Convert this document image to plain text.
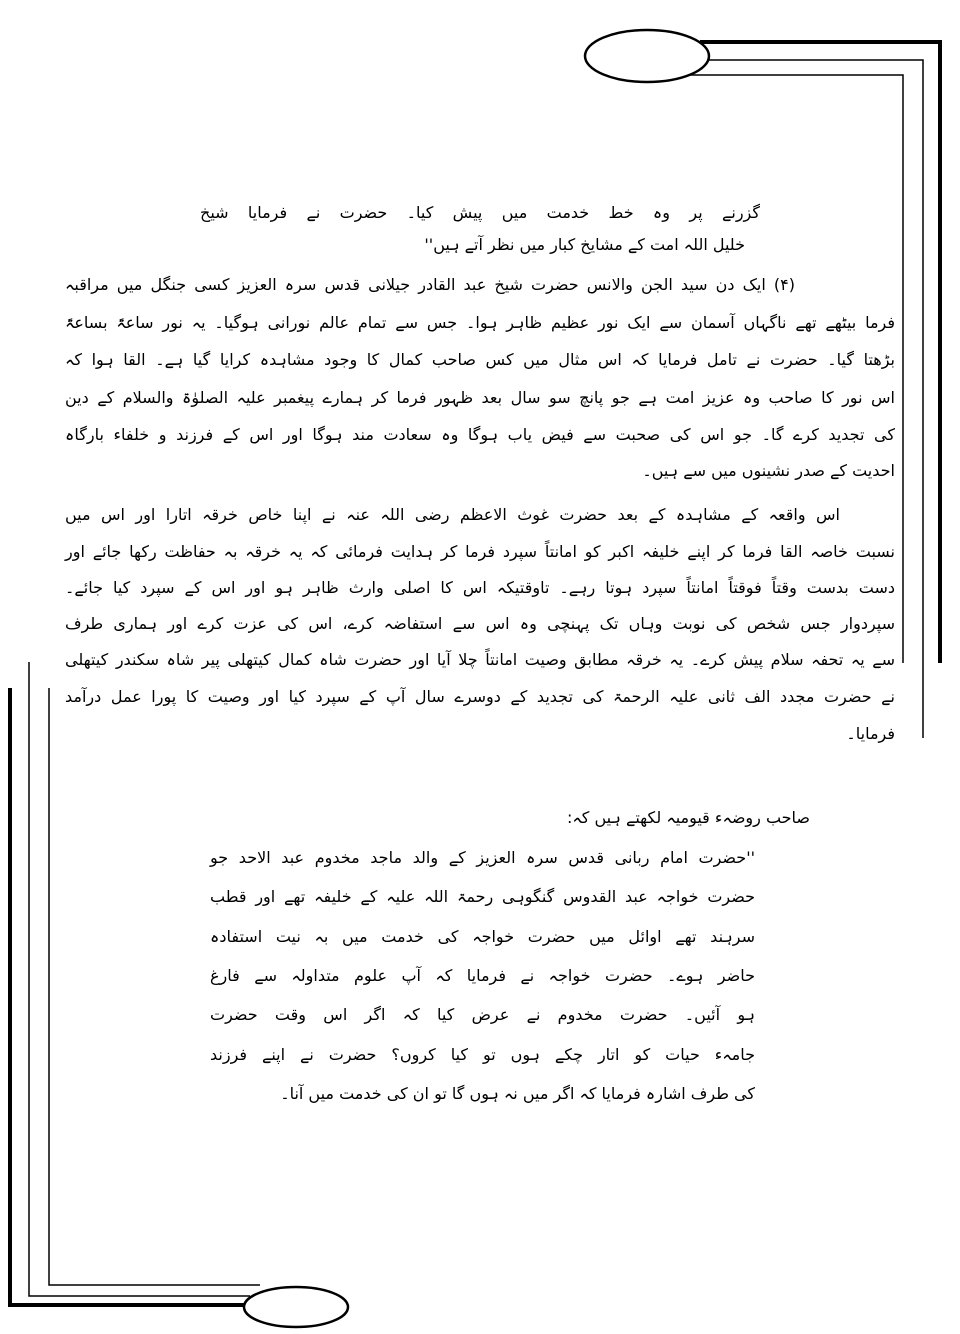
گزرنے پر وہ خط خدمت میں پیش کیا۔ حضرت نے فرمایا شیخ
خلیل اللہ امت کے مشایخ کبار میں نظر آتے ہیں''
(۴) ایک دن سید الجن والانس حضرت شیخ عبد القادر جیلانی قدس سرہ العزیز کسی جنگل میں مراقبہ
فرما بیٹھے تھے ناگہاں آسمان سے ایک نور عظیم ظاہر ہوا۔ جس سے تمام عالم نورانی ہوگیا۔ یہ نور ساعۃً بساعۃً
بڑھتا گیا۔ حضرت نے تامل فرمایا کہ اس مثال میں کس صاحب کمال کا وجود مشاہدہ کرایا گیا ہے۔ القا ہوا کہ
اس نور کا صاحب وہ عزیز امت ہے جو پانچ سو سال بعد ظہور فرما کر ہمارے پیغمبر علیہ الصلوٰۃ والسلام کے دین
کی تجدید کرے گا۔ جو اس کی صحبت سے فیض یاب ہوگا وہ سعادت مند ہوگا اور اس کے فرزند و خلفاء بارگاہ
احدیت کے صدر نشینوں میں سے ہیں۔
اس واقعہ کے مشاہدہ کے بعد حضرت غوث الاعظم رضی اللہ عنہ نے اپنا خاص خرقہ اتارا اور اس میں
نسبت خاصہ القا فرما کر اپنے خلیفہ اکبر کو امانتاً سپرد فرما کر ہدایت فرمائی کہ یہ خرقہ بہ حفاظت رکھا جائے اور
دست بدست وقتاً فوقتاً امانتاً سپرد ہوتا رہے۔ تاوقتیکہ اس کا اصلی وارث ظاہر ہو اور اس کے سپرد کیا جائے۔
سپردوار جس شخص کی نوبت وہاں تک پہنچی وہ اس سے استفاضہ کرے، اس کی عزت کرے اور ہماری طرف
سے یہ تحفہ سلام پیش کرے۔ یہ خرقہ مطابق وصیت امانتاً چلا آیا اور حضرت شاہ کمال کیتھلی پیر شاہ سکندر کیتھلی
نے حضرت مجدد الف ثانی علیہ الرحمۃ کی تجدید کے دوسرے سال آپ کے سپرد کیا اور وصیت کا پورا عمل درآمد
فرمایا۔
صاحب روضہء قیومیہ لکھتے ہیں کہ:
''حضرت امام ربانی قدس سرہ العزیز کے والد ماجد مخدوم عبد الاحد جو
حضرت خواجہ عبد القدوس گنگوہی رحمۃ اللہ علیہ کے خلیفہ تھے اور قطب
سرہند تھے اوائل میں حضرت خواجہ کی خدمت میں بہ نیت استفادہ
حاضر ہوے۔ حضرت خواجہ نے فرمایا کہ آپ علوم متداولہ سے فارغ
ہو آئیں۔ حضرت مخدوم نے عرض کیا کہ اگر اس وقت حضرت
جامہء حیات کو اتار چکے ہوں تو کیا کروں؟ حضرت نے اپنے فرزند
کی طرف اشارہ فرمایا کہ اگر میں نہ ہوں گا تو ان کی خدمت میں آنا۔
